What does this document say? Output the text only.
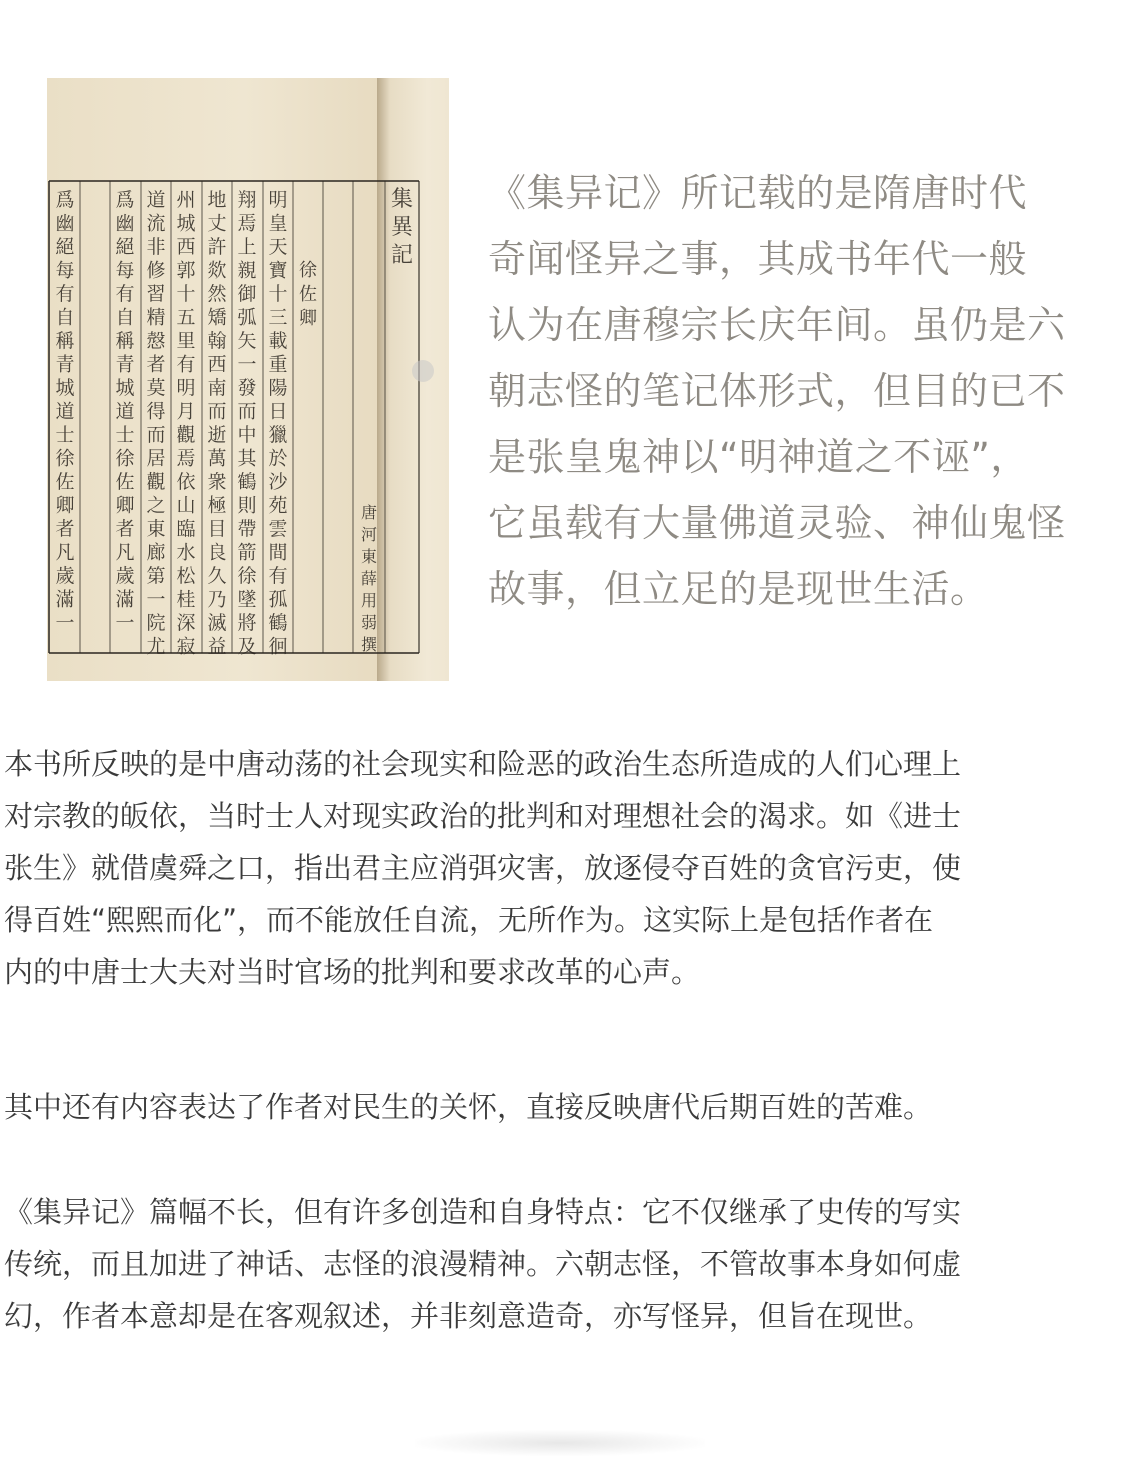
集
異
記
唐
河
東
薛
用
弱
撰
徐
佐
卿
明
皇
天
寶
十
三
載
重
陽
日
獵
於
沙
苑
雲
間
有
孤
鶴
徊
翔
焉
上
親
御
弧
矢
一
發
而
中
其
鶴
則
帶
箭
徐
墜
將
及
地
丈
許
欻
然
矯
翰
西
南
而
逝
萬
衆
極
目
良
久
乃
滅
益
州
城
西
郭
十
五
里
有
明
月
觀
焉
依
山
臨
水
松
桂
深
寂
道
流
非
修
習
精
慤
者
莫
得
而
居
觀
之
東
廊
第
一
院
尤
爲
幽
絕
每
有
自
稱
青
城
道
士
徐
佐
卿
者
凡
歲
滿
一
爲
幽
絕
每
有
自
稱
青
城
道
士
徐
佐
卿
者
凡
歲
滿
一

《集异记》所记载的是隋唐时代

奇闻怪异之事，其成书年代一般

认为在唐穆宗长庆年间。虽仍是六

朝志怪的笔记体形式，但目的已不

是张皇鬼神以“明神道之不诬”，

它虽载有大量佛道灵验、神仙鬼怪

故事，但立足的是现世生活。

本书所反映的是中唐动荡的社会现实和险恶的政治生态所造成的人们心理上

对宗教的皈依，当时士人对现实政治的批判和对理想社会的渴求。如《进士

张生》就借虞舜之口，指出君主应消弭灾害，放逐侵夺百姓的贪官污吏，使

得百姓“熙熙而化”，而不能放任自流，无所作为。这实际上是包括作者在

内的中唐士大夫对当时官场的批判和要求改革的心声。

其中还有内容表达了作者对民生的关怀，直接反映唐代后期百姓的苦难。

《集异记》篇幅不长，但有许多创造和自身特点：它不仅继承了史传的写实

传统，而且加进了神话、志怪的浪漫精神。六朝志怪，不管故事本身如何虚

幻，作者本意却是在客观叙述，并非刻意造奇，亦写怪异，但旨在现世。
